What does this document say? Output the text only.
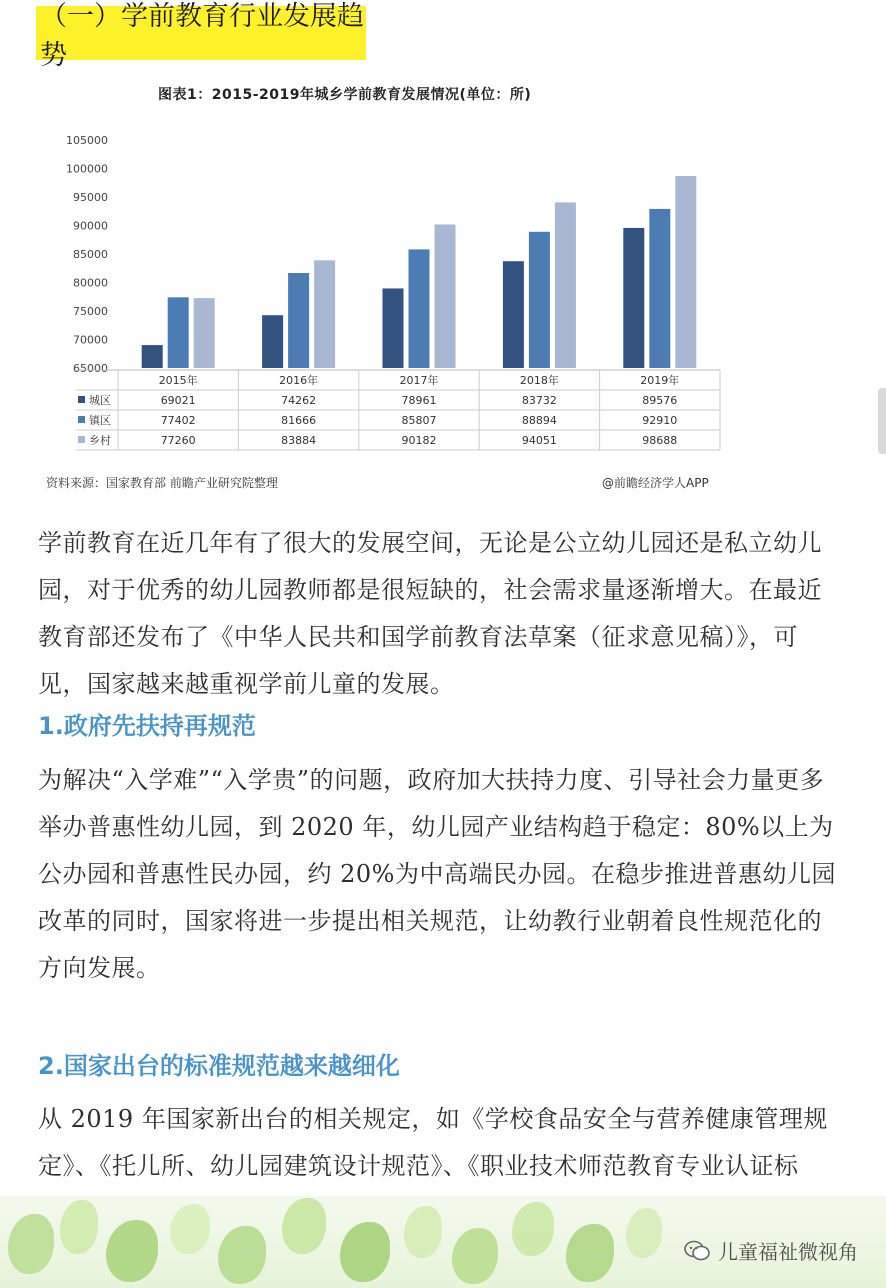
（一）学前教育行业发展趋势
图表1：2015-2019年城乡学前教育发展情况(单位：所)
105000
100000
95000
90000
85000
80000
75000
70000
65000
2015年	2016年	2017年	2018年	2019年
城区	69021	74262	78961	83732	89576
镇区	77402	81666	85807	88894	92910
乡村	77260	83884	90182	94051	98688
资料来源：国家教育部 前瞻产业研究院整理	@前瞻经济学人APP

学前教育在近几年有了很大的发展空间，无论是公立幼儿园还是私立幼儿园，对于优秀的幼儿园教师都是很短缺的，社会需求量逐渐增大。在最近教育部还发布了《中华人民共和国学前教育法草案（征求意见稿）》，可见，国家越来越重视学前儿童的发展。

1.政府先扶持再规范

为解决“入学难”“入学贵”的问题，政府加大扶持力度、引导社会力量更多举办普惠性幼儿园，到 2020 年，幼儿园产业结构趋于稳定：80%以上为公办园和普惠性民办园，约 20%为中高端民办园。在稳步推进普惠幼儿园改革的同时，国家将进一步提出相关规范，让幼教行业朝着良性规范化的方向发展。

2.国家出台的标准规范越来越细化

从 2019 年国家新出台的相关规定，如《学校食品安全与营养健康管理规定》、《托儿所、幼儿园建筑设计规范》、《职业技术师范教育专业认证标

儿童福祉微视角
